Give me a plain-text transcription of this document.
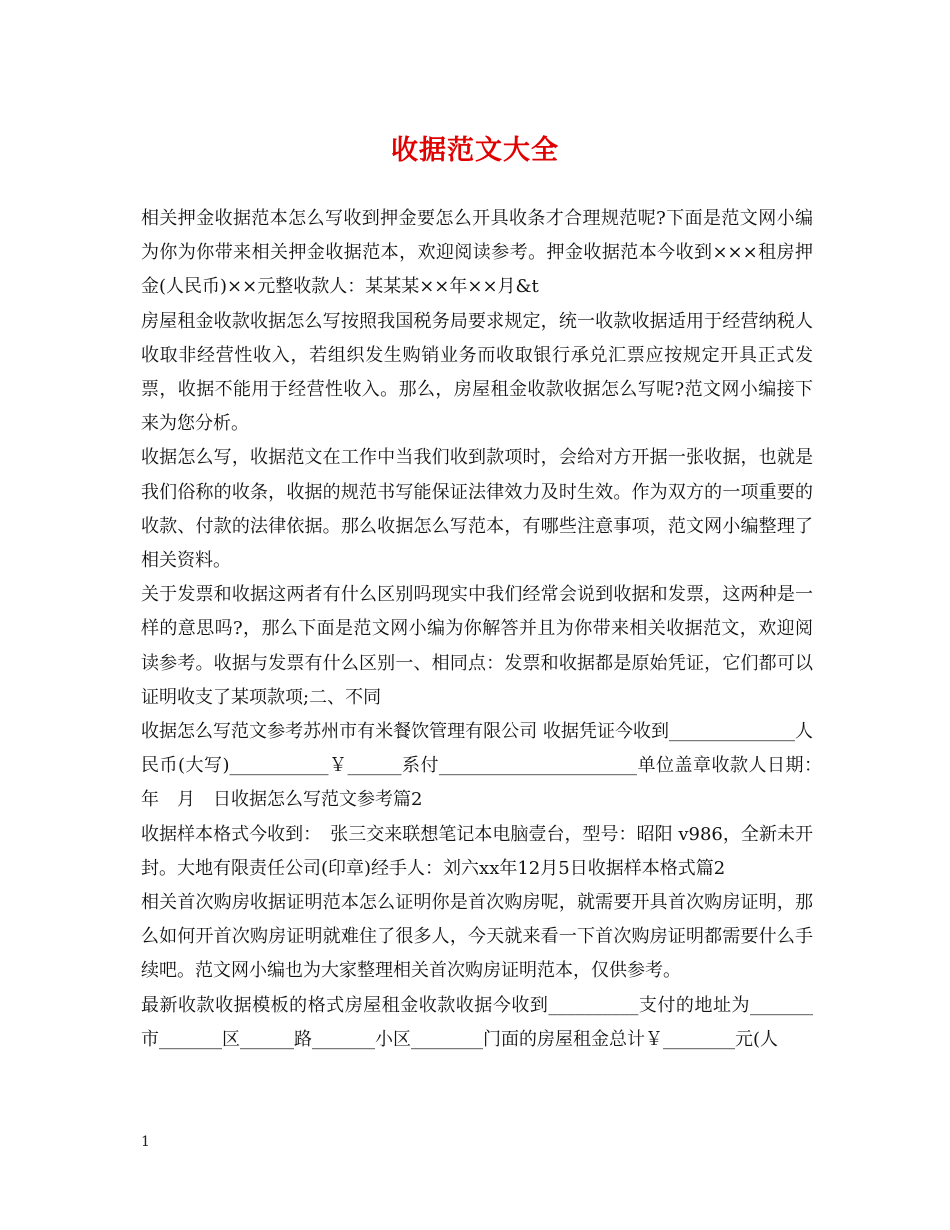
收据范文大全

相关押金收据范本怎么写收到押金要怎么开具收条才合理规范呢?下面是范文网小编为你为你带来相关押金收据范本，欢迎阅读参考。押金收据范本今收到×××租房押金(人民币)××元整收款人：某某某××年××月&t

房屋租金收款收据怎么写按照我国税务局要求规定，统一收款收据适用于经营纳税人收取非经营性收入，若组织发生购销业务而收取银行承兑汇票应按规定开具正式发票，收据不能用于经营性收入。那么，房屋租金收款收据怎么写呢?范文网小编接下来为您分析。

收据怎么写，收据范文在工作中当我们收到款项时，会给对方开据一张收据，也就是我们俗称的收条，收据的规范书写能保证法律效力及时生效。作为双方的一项重要的收款、付款的法律依据。那么收据怎么写范本，有哪些注意事项，范文网小编整理了相关资料。

关于发票和收据这两者有什么区别吗现实中我们经常会说到收据和发票，这两种是一样的意思吗?，那么下面是范文网小编为你解答并且为你带来相关收据范文，欢迎阅读参考。收据与发票有什么区别一、相同点：发票和收据都是原始凭证，它们都可以证明收支了某项款项;二、不同

收据怎么写范文参考苏州市有米餐饮管理有限公司 收据凭证今收到______________人民币(大写)___________￥______系付______________________单位盖章收款人日期：　年　月　日收据怎么写范文参考篇2

收据样本格式今收到：　张三交来联想笔记本电脑壹台，型号：昭阳 v986，全新未开封。大地有限责任公司(印章)经手人：刘六xx年12月5日收据样本格式篇2

相关首次购房收据证明范本怎么证明你是首次购房呢，就需要开具首次购房证明，那么如何开首次购房证明就难住了很多人，今天就来看一下首次购房证明都需要什么手续吧。范文网小编也为大家整理相关首次购房证明范本，仅供参考。

最新收款收据模板的格式房屋租金收款收据今收到__________支付的地址为_______市_______区______路_______小区________门面的房屋租金总计￥________元(人

1
